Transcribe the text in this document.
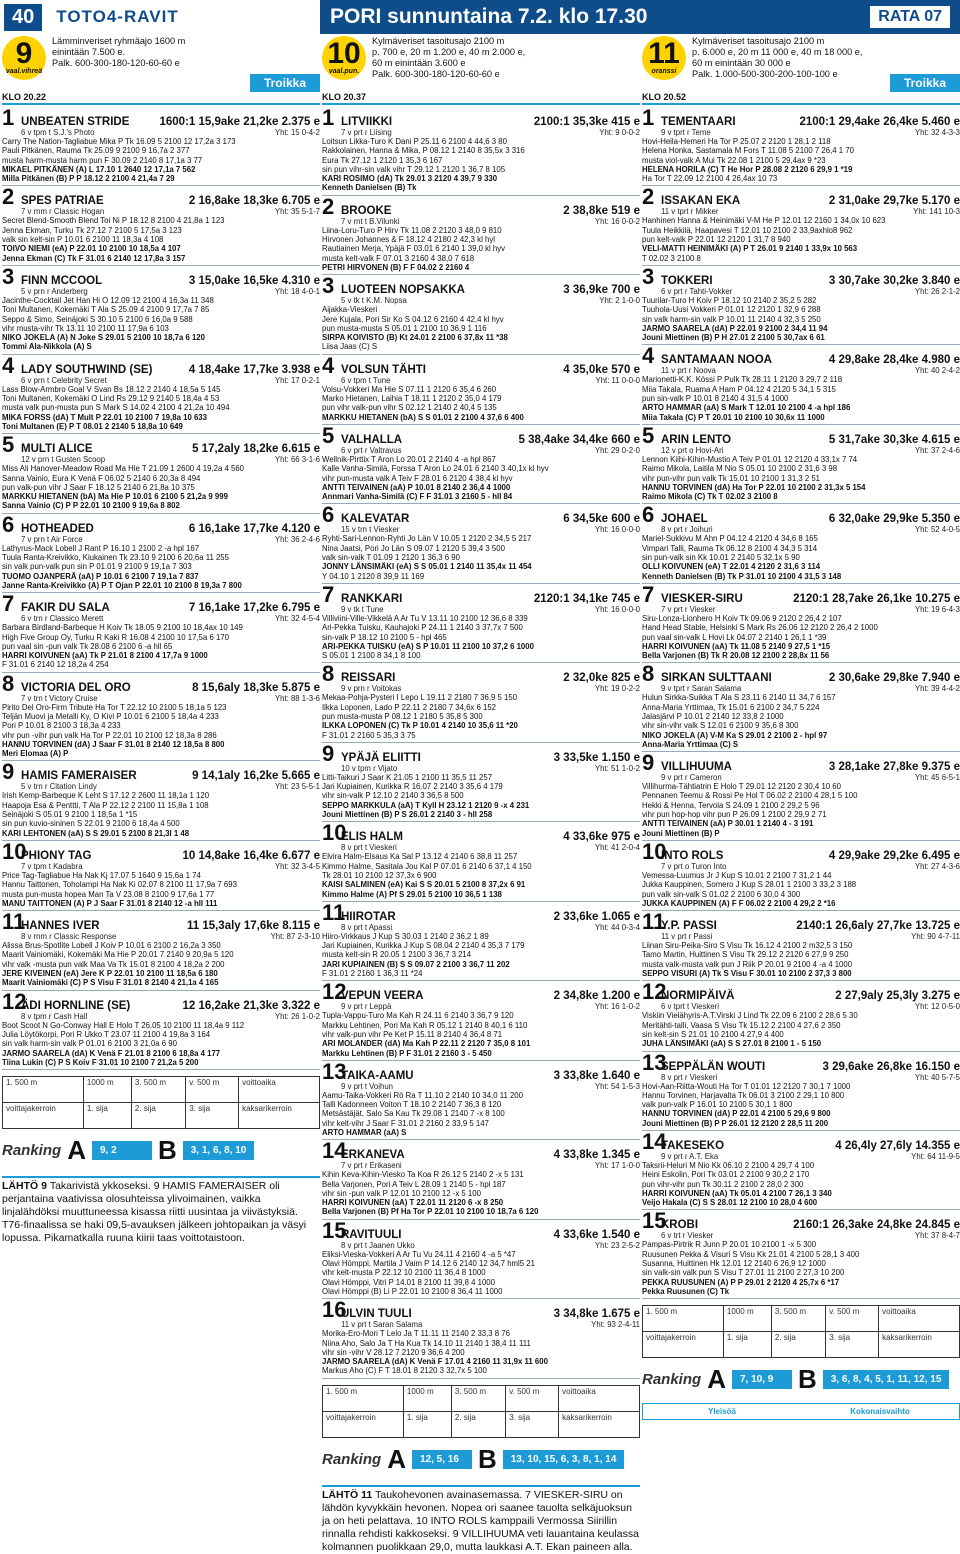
40	TOTO4-RAVIT	PORI sunnuntaina 7.2. klo 17.30	RATA 07
9
vaal.vihreä
Lämminveriset ryhmäajo 1600 m
einintään 7.500 e.
Palk. 600-300-180-120-60-60 e
Troikka
KLO 20.22
1 UNBEATEN STRIDE	1600:1 15,9ake 21,2ke 2.375 e
6 v tpm t S.J.'s Photo	Yht: 15 0-4-2
Carry The Nation-Tagliabue Mika P Tk 16.09 5 2100 12 17,2a 3 173
Pauli Pitkänen, Rauma Tk 25.09 9 2100 9 16,7a 2 377
musta harm-musta harm pun F 30.09 2 2140 8 17,1a 3 77
MIKAEL PITKÄNEN (A) L 17.10 1 2640 12 17,1a 7 562
Milla Pitkänen (B) P P 18.12 2 2100 4 21,4a 7 29
2 SPES PATRIAE	2 16,8ake 18,3ke 6.705 e
7 v rnm r Classic Hogan	Yht: 35 5-1-7
Secret Blend-Smooth Blend Toi Ni P 18.12 8 2100 4 21,8a 1 123
Jenna Ekman, Turku Tk 27.12 7 2100 5 17,5a 3 123
valk sin kelt-sin P 10.01 6 2100 11 18,3a 4 108
TOIVO NIEMI (eA) P 22.01 10 2100 10 18,5a 4 107
Jenna Ekman (C) Tk F 31.01 6 2140 12 17,8a 3 157
3 FINN MCCOOL	3 15,0ake 16,5ke 4.310 e
5 v prn r Anderberg	Yht: 18 4-0-1
Jacinthe-Cocktail Jet Han Hi O 12.09 12 2100 4 16,3a 11 348
Toni Multanen, Kokemäki T Ala S 25.09 4 2100 9 17,7a 7 85
Seppo & Simo, Seinäjoki S 30.10 5 2100 6 16,0a 9 588
vihr musta-vihr Tk 13.11 10 2100 11 17,9a 6 103
NIKO JOKELA (A) N Joke S 29.01 5 2100 10 18,7a 6 120
Tommi Ala-Nikkola (A) S
4 LADY SOUTHWIND (SE)	4 18,4ake 17,7ke 3.938 e
6 v prn t Celebrity Secret	Yht: 17 0-2-1
Lass Blow-Armbro Goal V Svan Bs 18.12 2 2140 4 18,5a 5 145
Toni Multanen, Kokemäki O Lind Rs 29.12 9 2140 5 18,4a 4 53
musta valk pun-musta pun S Mark S 14.02 4 2100 4 21,2a 10 494
MIKA FORSS (dA) T Mult P 22.01 10 2100 7 19,8a 10 633
Toni Multanen (E) P T 08.01 2 2140 5 18,8a 10 649
5 MULTI ALICE	5 17,2aly 18,2ke 6.615 e
12 v prn t Gusten Scoop	Yht: 66 3-1-6
Miss Ali Hanover-Meadow Road Ma Hie T 21.09 1 2600 4 19,2a 4 560
Sanna Vainio, Eura K Venä F 06.02 5 2140 6 20,3a 8 494
pun valk-pun vihr J Saar F 18.12 5 2140 6 21,8a 10 375
MARKKU HIETANEN (bA) Ma Hie P 10.01 6 2100 5 21,2a 9 999
Sanna Vainio (C) P P 22.01 10 2100 9 19,6a 8 802
6 HOTHEADED	6 16,1ake 17,7ke 4.120 e
7 v prn t Air Force	Yht: 36 2-4-6
Lathyrus-Mack Lobell J Rant P 16.10 1 2100 2 -a hpl 167
Tuula Ranta-Kreivikko, Kiukainen Tk 23.10 9 2100 6 20,6a 11 255
sin valk pun-valk pun sin P 01.01 9 2100 9 19,1a 7 303
TUOMO OJANPERÄ (aA) P 10.01 6 2100 7 19,1a 7 837
Janne Ranta-Kreivikko (A) P T Ojan P 22.01 10 2100 8 19,3a 7 800
7 FAKIR DU SALA	7 16,1ake 17,2ke 6.795 e
6 v trn r Classico Merett	Yht: 32 4-5-4
Barbara Birdland-Barbeque H Koiv Tk 18.05 9 2100 10 18,4ax 10 149
High Five Group Oy, Turku R Kaki R 16.08 4 2100 10 17,5a 6 170
pun vaal sin -pun valk Tk 28.08 6 2100 6 -a hll 65
HARRI KOIVUNEN (aA) Tk P 21.01 8 2100 4 17,7a 9 1000
F 31.01 6 2140 12 18,2a 4 254
8 VICTORIA DEL ORO	8 15,6aly 18,3ke 5.875 e
7 v trn t Victory Cruise	Yht: 88 1-3-6
Pirito Del Oro-Firm Tribute Ha Tor T 22.12 10 2100 5 18,1a 5 123
Teljän Muovi ja Metalli Ky, O Kivi P 10.01 6 2100 5 18,4a 4 233
Pori P 10.01 8 2100 3 18,3a 4 233
vihr pun -vihr pun valk Ha Tor P 22.01 10 2100 12 18,3a 8 286
HANNU TORVINEN (dA) J Saar F 31.01 8 2140 12 18,5a 8 800
Meri Elomaa (A) P
9 HAMIS FAMERAISER	9 14,1aly 16,2ke 5.665 e
5 v trn r Citation Lindy	Yht: 23 5-5-1
Irish Kemp-Barbeque K Leht S 17.12 2 2600 11 18,1a 1 120
Haapoja Esa & Penttti, T Ala P 22.12 2 2100 11 15,8a 1 108
Seinäjoki S 05.01 9 2100 1 18,5a 1 *15
sin pun kuvio-sininen S 22.01 9 2100 6 18,4a 4 500
KARI LEHTONEN (aA) S S 29.01 5 2100 8 21,3l 1 48
10
PHIONY TAG	10 14,8ake 16,4ke 6.677 e
7 v tpm t Kadabra	Yht: 32 3-4-5
Price Tag-Tagliabue Ha Nak Kj 17.07 5 1640 9 15,6a 1 74
Hannu Taittonen, Toholampi Ha Nak Ki 02.07 8 2100 11 17,9a 7 693
musta pun-musta hopea Man Ta V 23.08 8 2100 9 17,6a 1 77
MANU TAITTONEN (A) P J Saar F 31.01 8 2140 12 -a hll 111
11
HANNES IVER	11 15,3aly 17,6ke 8.115 e
8 v rnm r Classic Response	Yht: 87 2-3-10
Alissa Brus-Spotlite Lobell J Koiv P 10.01 6 2100 2 16,2a 3 350
Maarit Vainiomäki, Kokemäki Ma Hie P 20.01 7 2140 9 20,9a 5 120
vihr valk -musta pun valk Maa Va Tk 15.01 8 2100 4 18,2a 2 200
JERE KIVEINEN (eA) Jere K P 22.01 10 2100 11 18,5a 6 180
Maarit Vainiomäki (C) P S Visu F 31.01 8 2140 4 21,1a 4 165
12
ÄDI HORNLINE (SE)	12 16,2ake 21,3ke 3.322 e
8 v tpm r Cash Hall	Yht: 26 1-0-2
Boot Scoot N Go-Conway Hall E Holo T 26.05 10 2100 11 18,4a 9 112
Julia Löytökorpi, Pori R Ukko T 23.07 11 2100 4 19,8a 3 164
sin valk harm-sin valk P 01.01 6 2100 3 21,0a 6 90
JARMO SAARELA (dA) K Venä F 21.01 8 2100 6 18,8a 4 177
Tiina Lukin (C) P S Koiv F 31.01 10 2100 7 21,2a 5 200
1. 500 m	1000 m	3. 500 m	v. 500 m	voittoaika
voittajakerroin	1. sija	2. sija	3. sija	kaksarikerroin
Ranking A	9, 2	B	3, 1, 6, 8, 10
LÄHTÖ 9 Takarivistä ykkoseksi. 9 HAMIS FAMERAISER oli perjantaina vaativissa olosuhteissa ylivoimainen, vaikka linjalähdöksi muuttuneessa kisassa riitti uusintaa ja viivästyksiä. T76-finaalissa se haki 09,5-avauksen jälkeen johtopaikan ja väsyi lopussa. Pikamatkalla ruuna kiirii taas voittotaistoon.
10
vaal.pun.
Kylmäveriset tasoitusajo 2100 m
p. 700 e, 20 m 1.200 e, 40 m 2.000 e,
60 m einintään 3.600 e
Palk. 600-300-180-120-60-60 e
KLO 20.37
1 LITVIIKKI	2100:1 35,3ke 415 e
7 v prt r Liising	Yht: 9 0-0-2
Loitsun Likka-Turo K Dani P 25.11 6 2100 4 44,6 3 80
Rakkolainen, Hanna & Mika, P 08.12 1 2140 8 35,5x 3 316
Eura Tk 27.12 1 2120 1 35,3 6 167
sin pun vihr-sin valk vihr T 29.12 1 2120 1 36,7 8 105
KARI ROSIMO (dA) Tk 29.01 3 2120 4 39,7 9 330
Kenneth Danielsen (B) Tk
2 BROOKE	2 38,8ke 519 e
7 v rnt t B.Vilunki	Yht: 16 0-0-2
Liina-Loru-Turo P Hirv Tk 11.08 2 2120 3 48,0 9 810
Hirvonen Johannes & F 18.12 4 2180 2 42,3 kl hyl
Rautiainen Merja, Ypäjä F 03.01 6 2140 1 39,0 kl hyv
musta kelt-valk F 07.01 3 2160 4 38,0 7 618
PETRI HIRVONEN (B) F F 04.02 2 2160 4
3 LUOTEEN NOPSAKKA	3 36,9ke 700 e
5 v tk t K.M. Nopsa	Yht: 2 1-0-0
Aijakka-Vieskeri
Jere Kujala, Pori Sir Ko S 04.12 6 2160 4 42,4 kl hyv
pun musta-musta S 05.01 1 2100 10 36,9 1 116
SIRPA KOIVISTO (B) Kt 24.01 2 2100 6 37,8x 11 *38
Liisa Jaas (C) S
4 VOLSUN TÄHTI	4 35,0ke 570 e
6 v tpm t Tune	Yht: 11 0-0-0
Volsu-Vokkeri Ma Hie S 07.11 1 2120 6 35,4 6 260
Marko Hietanen, Laihia T 18.11 1 2120 2 35,0 4 179
pun vihr valk-pun vihr S 02.12 1 2140 2 40,4 5 135
MARKKU HIETANEN (bA) S S 01.01 2 2100 4 37,6 6 400
5 VALHALLA	5 38,4ake 34,4ke 660 e
6 v prt r Valtravus	Yht: 29 0-2-0
Wellnik-Pirttix T Aron Lo 20.01 2 2140 4 -a hpl 867
Kalle Vanha-Similä, Forssa T Aron Lo 24.01 6 2140 3 40,1x kl hyv
vihr pun-musta valk A Teiv F 28.01 6 2120 4 38,4 kl hyv
ANTTI TEIVAINEN (aA) P 10.01 8 2140 2 36,4 4 1000
Annmari Vanha-Similä (C) F F 31.01 3 2160 5 - hll 84
6 KALEVATAR	6 34,5ke 600 e
15 v trn t Viesker	Yht: 16 0-0-0
Ryhti-Sari-Lennon-Ryhti Jo Län V 10.05 1 2120 2 34,5 5 217
Nina Jaatsi, Pori Jo Län S 09.07 1 2120 5 39,4 3 500
valk sin-valk T 01.09 1 2120 1 36,3 6 90
JONNY LÄNSIMÄKI (eA) S S 05.01 1 2140 11 35,4x 11 454
Y 04.10 1 2120 8 39,9 11 169
7 RANKKARI	2120:1 34,1ke 745 e
9 v tk t Tune	Yht: 16 0-0-0
Villiviini-Ville-Vikkelä A Ar Tu V 13.11 10 2100 12 36,6 8 339
Ari-Pekka Tuisku, Kauhajoki P 24.11 1 2140 3 37,7x 7 500
sin-valk P 18.12 10 2100 5 - hpl 465
ARI-PEKKA TUISKU (eA) S P 10.01 11 2100 10 37,2 6 1000
S 05.01 1 2100 8 34,1 8 100
8 REISSARI	2 32,0ke 825 e
9 v prn r Voitokas	Yht: 19 0-2-2
Mekaa-Pohja-Pysteri I Lepo L 19.11 2 2180 7 36,9 5 150
Ilkka Loponen, Lado P 22.11 2 2180 7 34,6x 6 152
pun musta-musta P 08.12 1 2180 5 35,8 5 300
ILKKA LOPONEN (C) Tk P 10.01 4 2140 10 35,6 11 *20
F 31.01 2 2160 5 35,3 3 75
9 YPÄJÄ ELIITTI	3 33,5ke 1.150 e
10 v tpm r Vijato	Yht: 51 1-0-2
Litti-Taikuri J Saar K 21.05 1 2100 11 35,5 11 257
Jari Kupiainen, Kurikka R 16.07 2 2140 3 35,6 4 179
vihr sin-valk P 12.10 2 2140 3 36,5 8 500
SEPPO MARKKULA (aA) T Kyll H 23.12 1 2120 9 -x 4 231
Jouni Miettinen (B) P S 26.01 2 2140 3 - hll 258
10
ELIS HALM	4 33,6ke 975 e
8 v prt t Vieskeri	Yht: 41 2-0-4
Elvira Halm-Elsaus Ka Sal P 13.12 4 2140 6 38,8 11 257
Kimmo Halme, Sasitala Jou Kal P 07.01 6 2140 6 37,1 4 150
Tk 28.01 10 2100 12 37,3x 6 900
KAISI SALMINEN (eA) Kai S S 20.01 5 2100 8 37,2x 6 91
Kimmo Halme (A) Pf S 29.01 5 2100 10 36,5 1 138
11
HIIROTAR	2 33,6ke 1.065 e
8 v prt t Apassi	Yht: 44 0-3-4
Hiiro-Virkkaus J Kup S 30.03 1 2140 2 36,2 1 89
Jari Kupiainen, Kurikka J Kup S 08.04 2 2140 4 35,3 7 179
musta kelt-sin R 20.05 1 2100 3 36,7 3 214
JARI KUPIAINEN (B) S S 09.07 2 2100 3 36,7 11 202
F 31.01 2 2160 1 36,3 11 *24
12
VEPUN VEERA	2 34,8ke 1.200 e
9 v prt r Leppä	Yht: 16 1-0-2
Tupla-Vappu-Turo Ma Kah R 24.11 6 2140 3 36,7 9 120
Markku Lehtinen, Pori Ma Kah R 05.12 1 2140 8 40,1 6 110
vihr valk-pun vihr Pe Ket P 15.11 8 2140 4 36,4 8 71
ARI MOLANDER (dA) Ma Kah P 22.11 2 2120 7 35,0 8 101
Markku Lehtinen (B) P F 31.01 2 2160 3 - 5 450
13
TAIKA-AAMU	3 33,8ke 1.640 e
9 v prt t Voihun	Yht: 54 1-5-3
Aamu-Taika-Vokkeri Rö Ra T 11.10 2 2140 10 34,0 11 200
Talli Kadonneen Voiton T 18.10 2 2140 7 36,3 8 120
Metsästäjät, Salo Sa Kau Tk 29.08 1 2140 7 -x 8 100
vihr kelt-vihr J Saar F 31.01 2 2160 2 33,9 5 147
ARTO HAMMAR (aA) S
14
ERKANEVA	4 33,8ke 1.345 e
7 v prt r Erikaseni	Yht: 17 1-0-0
Kihin Keva-Kihin-Viesko Ta Koa R 26.12 5 2140 2 -x 5 131
Bella Varjonen, Pori A Teiv L 28.09 1 2140 5 - hpl 187
vihr sin -pun valk P 12.01 10 2100 12 -x 5 100
HARRI KOIVUNEN (aA) T 22.01 11 2120 6 -x 8 250
Bella Varjonen (B) Pf Ha Tor P 22.01 10 2100 10 18,7a 6 120
15
RAVITUULI	4 33,6ke 1.540 e
8 v prt t Jaanen Ukko	Yht: 23 2-5-2
Eliksi-Vieska-Vokkeri A Ar Tu Vu 24.11 4 2160 4 -a 5 *47
Olavi Hömppi, Martila J Vaim P 14.12 6 2140 12 34,7 hml5 21
vihr kelt-musta P 22.12 10 2100 11 36,4 8 1000
Olavi Hömppi, Vitri P 14.01 8 2100 11 39,8 4 1000
Olavi Hömppi (B) Li P 22.01 10 2100 8 36,4 11 1000
16
ULVIN TUULI	3 34,8ke 1.675 e
11 v prt t Saran Salama	Yht: 93 2-4-11
Morika-Ero-Mori T Lelo Ja T 11.11 11 2140 2 33,3 8 76
Niina Aho, Salo Ja T Ha Kua Tk 14.10 11 2140 1 38,4 11 111
vihr sin -vihr V 28.12 7 2120 9 36,6 4 200
JARMO SAARELA (dA) K Venä F 17.01 4 2160 11 31,9x 11 600
Markus Aho (C) F T 18.01 8 2120 3 32,7x 5 100
1. 500 m	1000 m	3. 500 m	v. 500 m	voittoaika
voittajakerroin	1. sija	2. sija	3. sija	kaksarikerroin
Ranking A	12, 5, 16 B	13, 10, 15, 6, 3, 8, 1, 14
LÄHTÖ 11 Taukohevonen avainasemassa. 7 VIESKER-SIRU on lähdön kyvykkäin hevonen. Nopea ori saanee tauolta selkäjuoksun ja on heti pelattava. 10 INTO ROLS kamppaili Vermossa Siirillin rinnalla rehdisti kakkoseksi. 9 VILLIHUUMA veti lauantaina keulassa kolmannen puolikkaan 29,0, mutta laukkasi A.T. Ekan paineen alla.
11
oranssi
Kylmäveriset tasoitusajo 2100 m
p. 6.000 e, 20 m 11 000 e, 40 m 18 000 e,
60 m einintään 30 000 e
Palk. 1.000-500-300-200-100-100 e
Troikka
KLO 20.52
1 TEMENTAARI	2100:1 29,4ake 26,4ke 5.460 e
9 v tprt r Teme	Yht: 32 4-3-3
Hovi-Heila-Hemeri Ha Tor P 25.07 2 2120 1 28,1 2 118
Helena Honka, Sastamala M Fors T 11.08 5 2100 7 26,4 1 70
musta viol-valk A Mui Tk 22.08 1 2100 5 29,4ax 9 *23
HELENA HORILA (C) T He Hor P 28.08 2 2120 6 29,9 1 *19
Ha Tor T 22.09 12 2100 4 26,4ax 10 73
2 ISSAKAN EKA	2 31,0ake 29,7ke 5.170 e
11 v tprt r Mikker	Yht: 141 10-3
Hanhinen Hanna & Heinimäki V-M He P 12.01 12 2160 1 34,0x 10 623
Tuula Heikkilä, Haapavesi T 12.01 10 2100 2 33,9axhlo8 962
pun kelt-valk P 22.01 12 2120 1 31,7 8 940
VELI-MATTI HEINIMÄKI (A) P T 26.01 9 2140 1 33,9x 10 563
T 02.02 3 2100 8
3 TOKKERI	3 30,7ake 30,2ke 3.840 e
6 v prt r Tahti-Vokker	Yht: 26 2-1-2
Tuurilar-Turo H Koiv P 18.12 10 2140 2 35,2 5 282
Tuuhola-Uusi Vokkeri P 01.01 12 2120 1 32,9 6 288
sin valk harm-sin valk P 10.01 11 2140 4 32,3 5 250
JARMO SAARELA (dA) P 22.01 9 2100 2 34,4 11 94
Jouni Miettinen (B) P H 27.01 2 2100 5 30,7ax 6 61
4 SANTAMAAN NOOA	4 29,8ake 28,4ke 4.980 e
11 v prt r Noova	Yht: 40 2-4-2
Marionetti-K.K. Kössi P Pulk Tk 28.11 1 2120 3 29,7 2 118
Miia Takala, Ruama A Ham P 04.12 4 2120 5 34,1 5 315
pun sin-valk P 10.01 8 2140 4 31,5 4 1000
ARTO HAMMAR (aA) S Mark T 12.01 10 2100 4 -a hpl 186
Miia Takala (C) P T 20.01 10 2100 10 30,6x 11 1000
5 ARIN LENTO	5 31,7ake 30,3ke 4.615 e
12 v prt o Hovi-Ari	Yht: 37 2-4-6
Lennon Kiihi-Kihin-Mustio A Teiv P 01.01 12 2120 4 33,1x 7 74
Raimo Mikola, Laitila M Nio S 05.01 10 2100 2 31,6 3 98
vihr pun-vihr pun valk Tk 15.01 10 2100 1 31,3 2 51
HANNU TORVINEN (dA) Ha Tor P 22.01 10 2100 2 31,3x 5 154
Raimo Mikola (C) Tk T 02.02 3 2100 8
6 JOHAEL	6 32,0ake 29,9ke 5.350 e
8 v prt r Joihuri	Yht: 52 4-0-5
Mariel-Sukkivu M Ahn P 04.12 4 2120 4 34,6 8 165
Vimpari Talli, Rauma Tk 06.12 8 2100 4 34,3 5 314
sin pun-valk sin Kk 10.01 2 2140 5 32,1x 5 90
OLLI KOIVUNEN (eA) T 22.01 4 2120 2 31,6 3 114
Kenneth Danielsen (B) Tk P 31.01 10 2100 4 31,5 3 148
7 VIESKER-SIRU	2120:1 28,7ake 26,1ke 10.275 e
7 v prt r Viesker	Yht: 19 6-4-3
Siru-Lonza-Lionhero H Koiv Tk 09.06 9 2120 2 26,4 2 107
Hand Head Stable, Helsinki S Mark Rs 26.06 12 2120 2 26,4 2 1000
pun vaal sin-valk L Hovi Lk 04.07 2 2140 1 26,1 1 *39
HARRI KOIVUNEN (aA) Tk 11.08 5 2140 9 27,5 1 *15
Bella Varjonen (B) Tk R 20.08 12 2100 2 28,8x 11 56
8 SIRKAN SULTTAANI	2 30,6ake 29,8ke 7.940 e
9 v tprt r Saran Salama	Yht: 39 4-4-2
Hulun Sirkka-Suikka T Ala S 23.11 6 2140 11 34,7 6 157
Anna-Maria Yrttimaa, Tk 15.01 6 2100 2 34,7 5 224
Jalasjärvi P 10.01 2 2140 12 33,8 2 1000
vihr sin-vihr valk S 12.01 6 2100 9 35,6 8 300
NIKO JOKELA (A) V-M Ka S 29.01 2 2100 2 - hpl 97
Anna-Maria Yrttimaa (C) S
9 VILLIHUUMA	3 28,1ake 27,8ke 9.375 e
9 v prt r Cameron	Yht: 45 6-5-1
Villihurma-Tähtiatrin E Holo T 29.01 12 2120 2 30,4 10 60
Pennanen Teemu & Rossi Pe Hol T 06.02 2 2100 4 28,1 5 100
Hekki & Henna, Tervola S 24.09 1 2100 2 29,2 5 96
vihr pun hop-hop vihr pun P 26.09 1 2100 2 29,9 2 71
ANTTI TEIVAINEN (aA) P 30.01 1 2140 4 - 3 191
Jouni Miettinen (B) P
10
INTO ROLS	4 29,9ake 29,2ke 6.495 e
7 v prt o Turon Into	Yht: 27 4-3-6
Vemessa-Luumus Jr J Kup S 10.01 2 2100 7 31,2 1 44
Jukka Kauppinen, Somero J Kup S 28.01 1 2100 3 33,2 3 188
pun valk sin-valk S 01.02 2 2100 6 30,0 4 300
JUKKA KAUPPINEN (A) F F 06.02 2 2100 4 29,2 2 *16
11
Y.P. PASSI	2140:1 26,6aly 27,7ke 13.725 e
11 v prt r Passi	Yht: 90 4-7-11
Liinan Siru-Peika-Siro S Visu Tk 16.12 4 2100 2 m32,5 3 150
Tamo Martin, Huittinen S Visu Tk 29.12 2 2120 6 27,9 9 250
musta valk-musta valk pun J Riik P 20.01 9 2100 4 -a 4 1000
SEPPO VISURI (A) Tk S Visu F 30.01 10 2100 2 37,3 3 800
12
NORMIPÄIVÄ	2 27,9aly 25,3ly 3.275 e
6 v tprt t Vieskeri	Yht: 12 0-5-0
Viskiin Vielähyris-A.T.Virski J Lind Tk 22.09 6 2100 2 28,6 5 30
Meritähti-talli, Vaasa S Visu Tk 15.12 2 2100 4 27,6 2 350
sin kelt-sin S 21.01 10 2100 4 27,9 4 400
JUHA LÄNSIMÄKI (aA) S S 27.01 8 2100 1 - 5 150
13
SEPPÄLÄN WOUTI	3 29,6ake 26,8ke 16.150 e
8 v prt r Vieskeri	Yht: 40 5-7-5
Hovi-Aan-Riitta-Wouti Ha Tor T 01.01 12 2120 7 30,1 7 1000
Hannu Torvinen, Harjavalta Tk 06.01 3 2100 2 29,1 10 800
valk pun-valk P 16.01 10 2100 5 30,1 1 800
HANNU TORVINEN (dA) P 22.01 4 2100 5 29,6 9 800
Jouni Miettinen (B) P P 26.01 12 2120 2 28,5 11 200
14
TAKESEKO	4 26,4ly 27,6ly 14.355 e
9 v prt r A.T. Eka	Yht: 64 11-9-5
Taksrii-Heluri M Nio Kk 06.10 2 2100 4 29,7 4 100
Heini Eskolin, Pori Tk 03.01 2 2100 9 30,2 2 170
pun vihr-vihr pun Tk 30.11 2 2100 2 28,0 2 300
HARRI KOIVUNEN (aA) Tk 05.01 4 2100 7 26,1 3 340
Veijo Hakala (C) S S 28.01 12 2100 10 28,0 4 600
15
KROBI	2160:1 26,3ake 24,8ke 24.845 e
6 v trt r Viesker	Yht: 37 8-4-7
Pampas-Pirtrik R Junn P 20.01 10 2100 1 -x 5 300
Ruusunen Pekka & Visuri S Visu Kk 21.01 4 2100 5 28,1 3 400
Susanna, Huittinen Hk 12.01 12 2140 6 26,9 12 1000
sin valk-sin valk pun S Visu T 27.01 11 2100 2 27,3 10 200
PEKKA RUUSUNEN (A) P P 29.01 2 2120 4 25,7x 6 *17
Pekka Ruusunen (C) Tk
1. 500 m	1000 m	3. 500 m	v. 500 m	voittoaika
voittajakerroin	1. sija	2. sija	3. sija	kaksarikerroin
Ranking A	7, 10, 9 B	3, 6, 8, 4, 5, 1, 11, 12, 15
Yleisöä	Kokonaisvaihto
